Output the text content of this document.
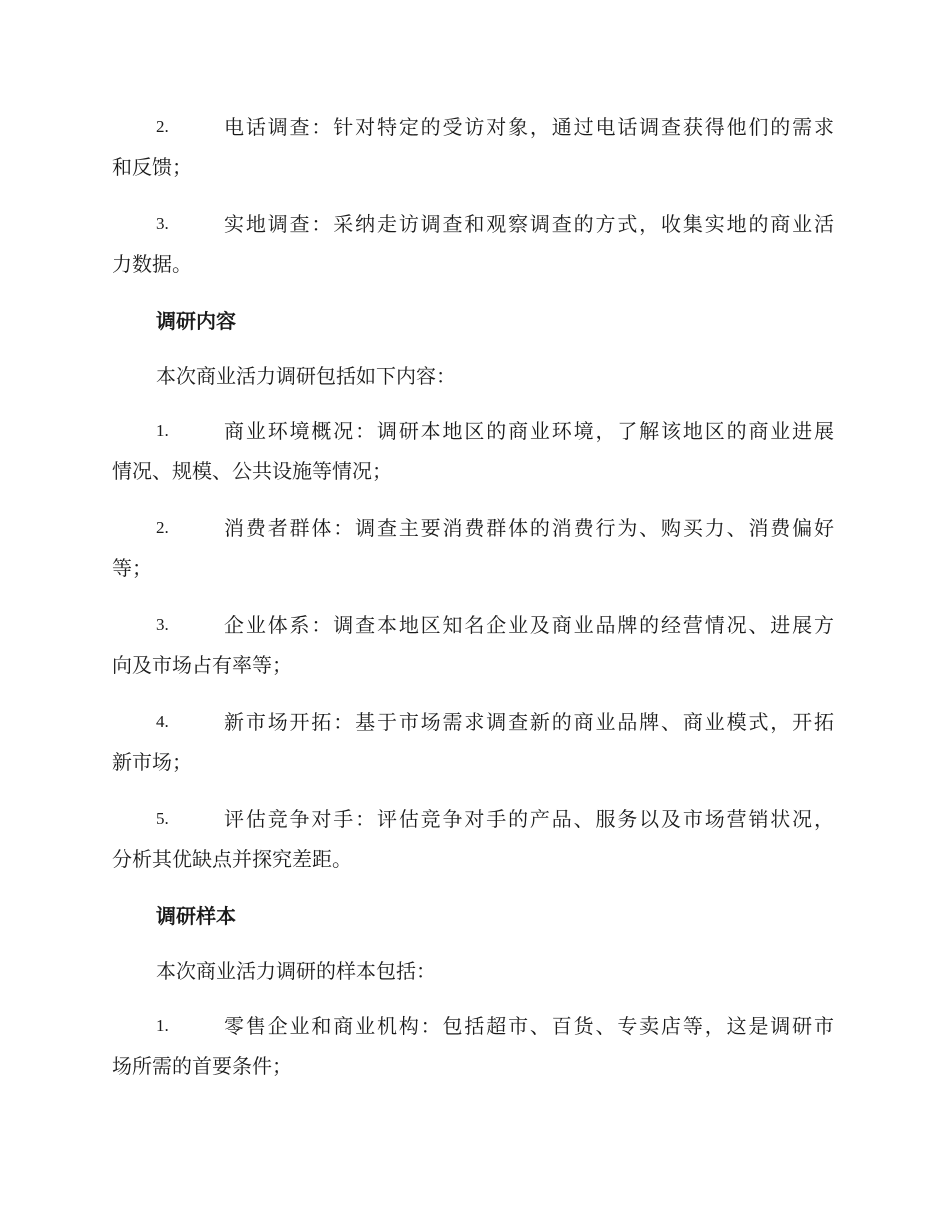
2.	电话调查：针对特定的受访对象，通过电话调查获得他们的需求
和反馈；
3.	实地调查：采纳走访调查和观察调查的方式，收集实地的商业活
力数据。
调研内容
本次商业活力调研包括如下内容：
1.	商业环境概况：调研本地区的商业环境，了解该地区的商业进展
情况、规模、公共设施等情况；
2.	消费者群体：调查主要消费群体的消费行为、购买力、消费偏好
等；
3.	企业体系：调查本地区知名企业及商业品牌的经营情况、进展方
向及市场占有率等；
4.	新市场开拓：基于市场需求调查新的商业品牌、商业模式，开拓
新市场；
5.	评估竞争对手：评估竞争对手的产品、服务以及市场营销状况，
分析其优缺点并探究差距。
调研样本
本次商业活力调研的样本包括：
1.	零售企业和商业机构：包括超市、百货、专卖店等，这是调研市
场所需的首要条件；
